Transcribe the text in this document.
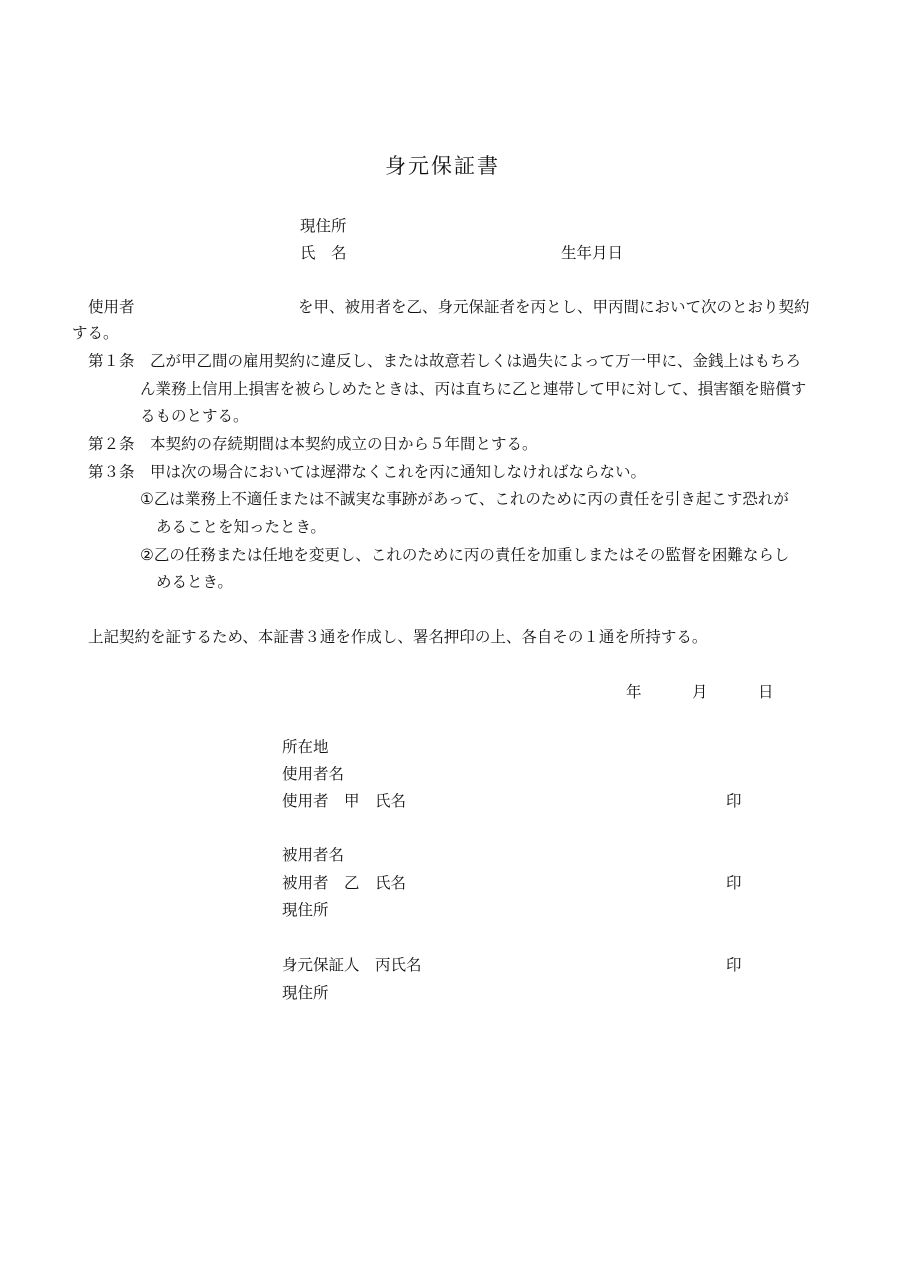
身元保証書
現住所
氏　名	生年月日
使用者	を甲、被用者を乙、身元保証者を丙とし、甲丙間において次のとおり契約
する。
第１条 乙が甲乙間の雇用契約に違反し、または故意若しくは過失によって万一甲に、金銭上はもちろ
ん業務上信用上損害を被らしめたときは、丙は直ちに乙と連帯して甲に対して、損害額を賠償す
るものとする。
第２条 本契約の存続期間は本契約成立の日から５年間とする。
第３条 甲は次の場合においては遅滞なくこれを丙に通知しなければならない。
①乙は業務上不適任または不誠実な事跡があって、これのために丙の責任を引き起こす恐れが
あることを知ったとき。
②乙の任務または任地を変更し、これのために丙の責任を加重しまたはその監督を困難ならし
めるとき。
上記契約を証するため、本証書３通を作成し、署名押印の上、各自その１通を所持する。
年	月	日
所在地
使用者名
使用者　甲　氏名	印
被用者名
被用者　乙　氏名	印
現住所
身元保証人　丙氏名	印
現住所
